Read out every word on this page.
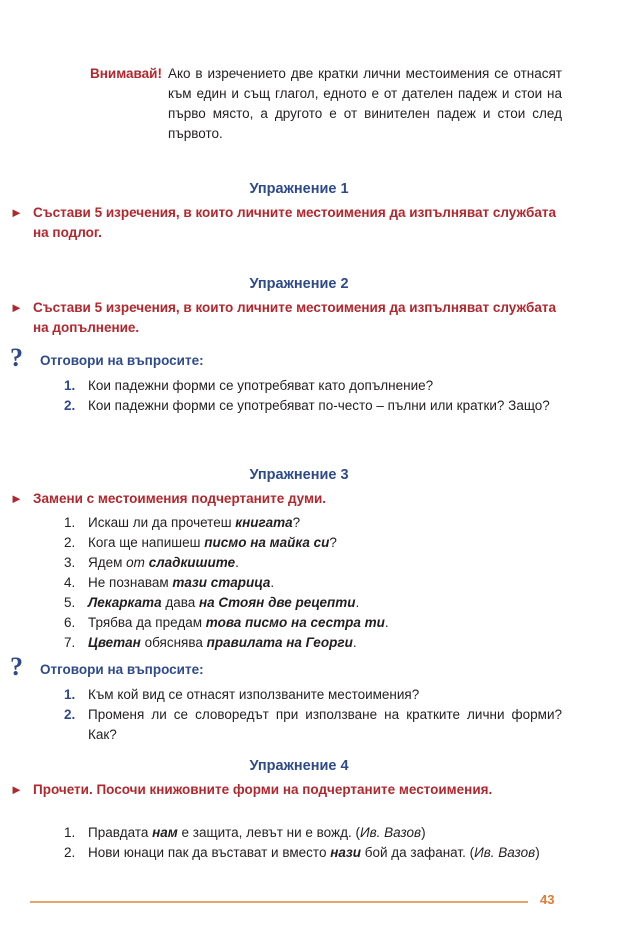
Внимавай! Ако в изречението две кратки лични местоимения се отнасят към един и същ глагол, едното е от дателен падеж и стои на първо място, а другото е от винителен падеж и стои след първото.
Упражнение 1
► Състави 5 изречения, в които личните местоимения да изпълняват службата на подлог.
Упражнение 2
► Състави 5 изречения, в които личните местоимения да изпълняват службата на допълнение.
?	Отговори на въпросите:
1. Кои падежни форми се употребяват като допълнение?
2. Кои падежни форми се употребяват по-често – пълни или кратки? Защо?
Упражнение 3
► Замени с местоимения подчертаните думи.
1. Искаш ли да прочетеш книгата?
2. Кога ще напишеш писмо на майка си?
3. Ядем от сладкишите.
4. Не познавам тази старица.
5. Лекарката дава на Стоян две рецепти.
6. Трябва да предам това писмо на сестра ти.
7. Цветан обяснява правилата на Георги.
?	Отговори на въпросите:
1. Към кой вид се отнасят използваните местоимения?
2. Променя ли се словоредът при използване на кратките лични форми? Как?
Упражнение 4
► Прочети. Посочи книжовните форми на подчертаните местоимения.
1. Правдата нам е защита, левът ни е вожд. (Ив. Вазов)
2. Нови юнаци пак да въстават и вместо нази бой да зафанат. (Ив. Вазов)
43
